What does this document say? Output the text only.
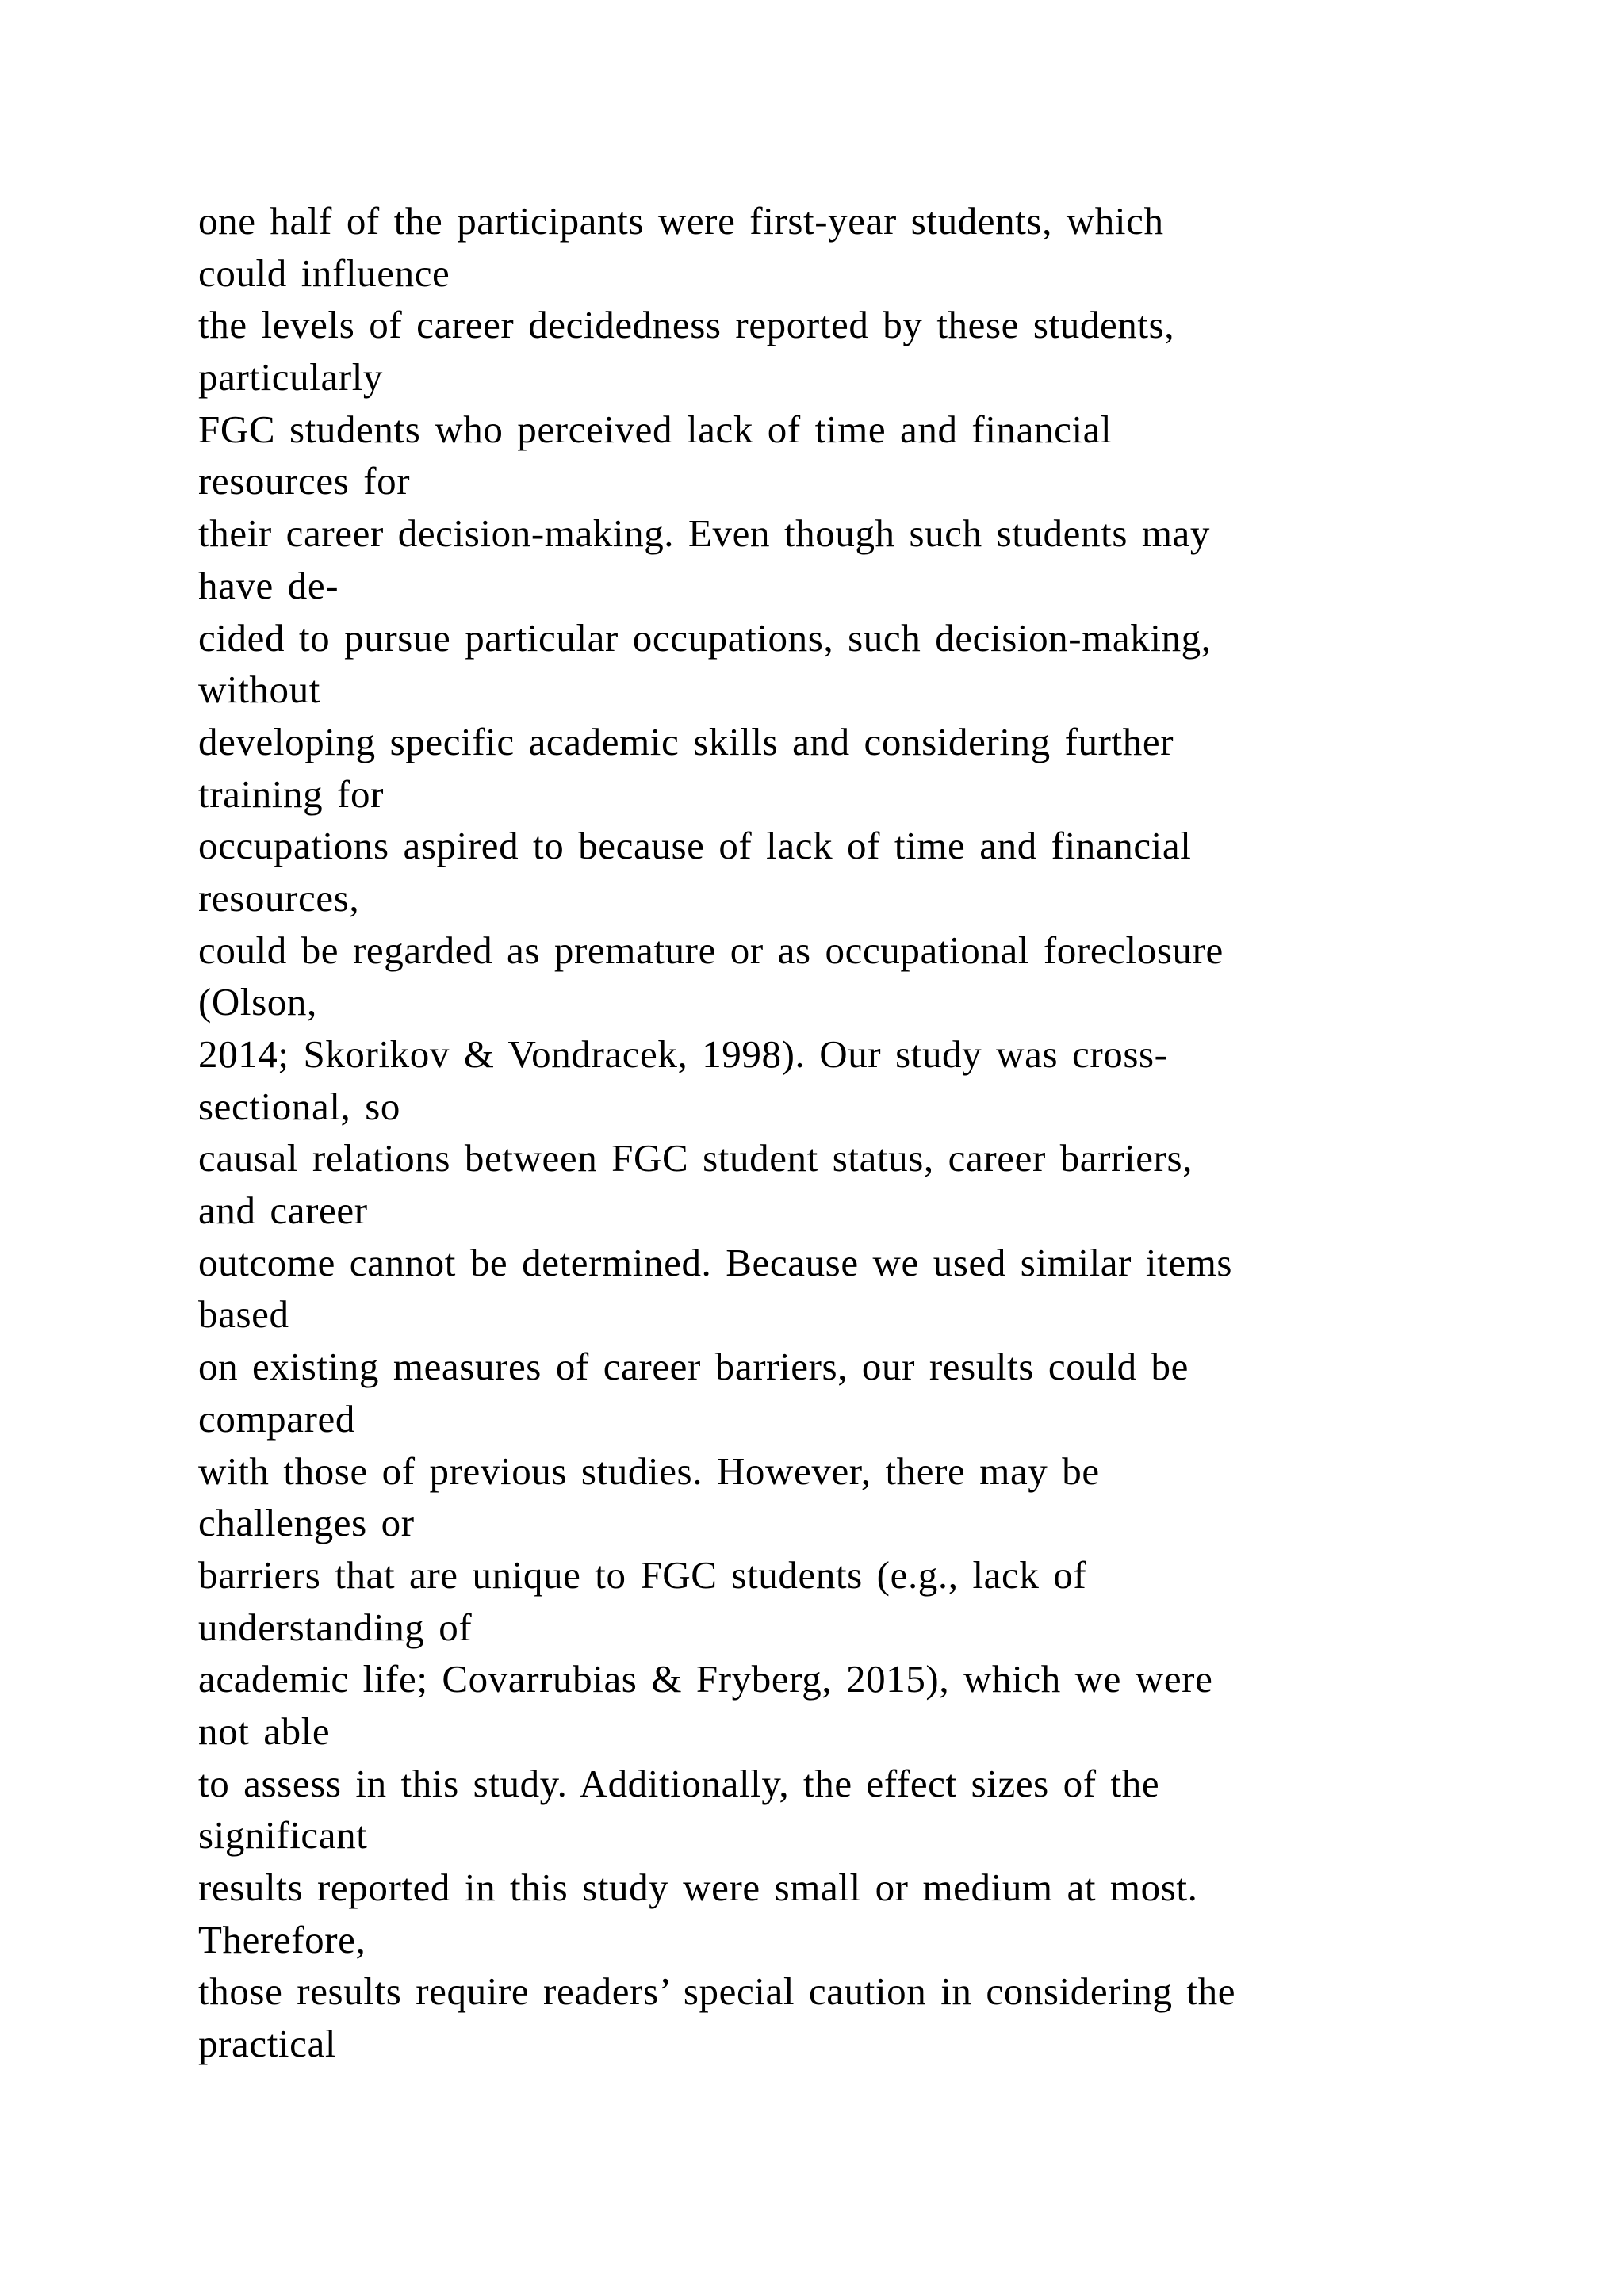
one half of the participants were first-year students, which
could influence
the levels of career decidedness reported by these students,
particularly
FGC students who perceived lack of time and financial
resources for
their career decision-making. Even though such students may
have de-
cided to pursue particular occupations, such decision-making,
without
developing specific academic skills and considering further
training for
occupations aspired to because of lack of time and financial
resources,
could be regarded as premature or as occupational foreclosure
(Olson,
2014; Skorikov & Vondracek, 1998). Our study was cross-
sectional, so
causal relations between FGC student status, career barriers,
and career
outcome cannot be determined. Because we used similar items
based
on existing measures of career barriers, our results could be
compared
with those of previous studies. However, there may be
challenges or
barriers that are unique to FGC students (e.g., lack of
understanding of
academic life; Covarrubias & Fryberg, 2015), which we were
not able
to assess in this study. Additionally, the effect sizes of the
significant
results reported in this study were small or medium at most.
Therefore,
those results require readers’ special caution in considering the
practical
